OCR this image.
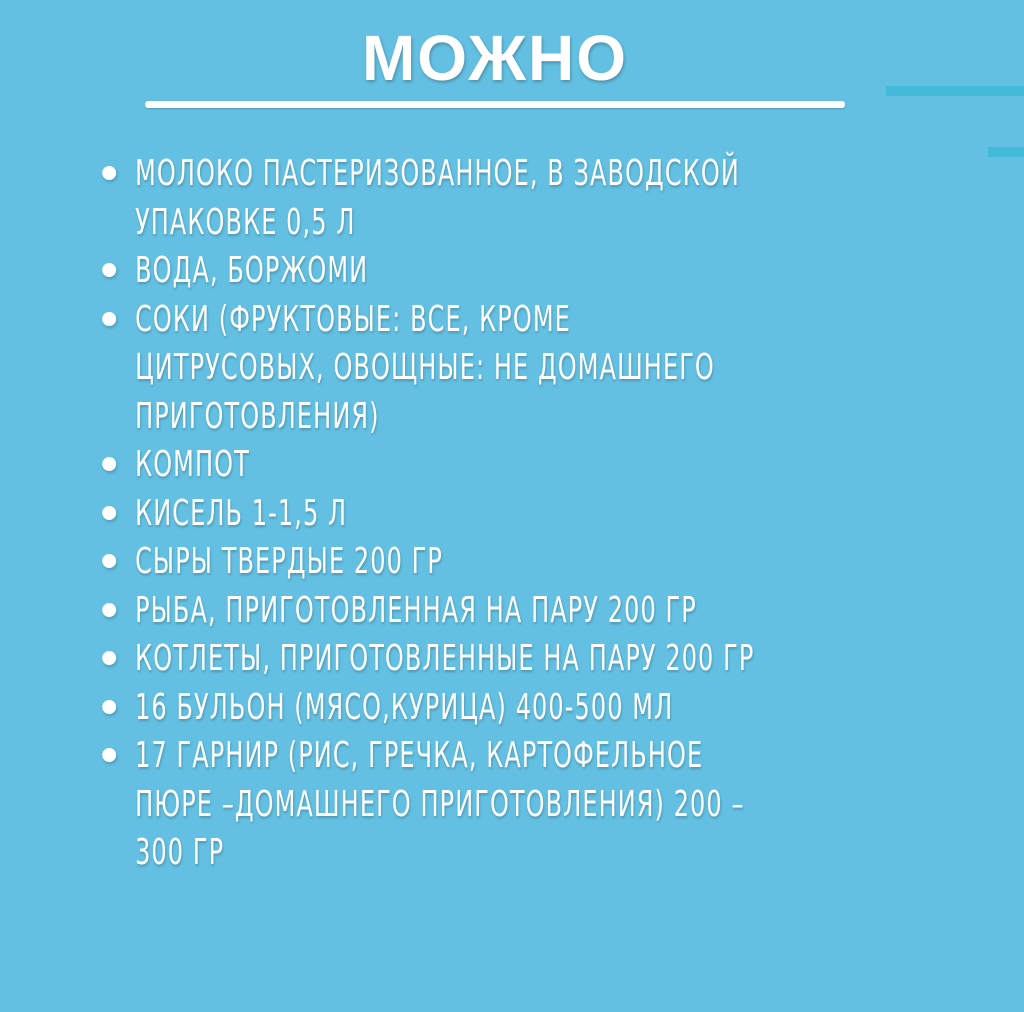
МОЖНО
МОЛОКО ПАСТЕРИЗОВАННОЕ, В ЗАВОДСКОЙ
УПАКОВКЕ 0,5 Л
ВОДА, БОРЖОМИ
СОКИ (ФРУКТОВЫЕ: ВСЕ, КРОМЕ
ЦИТРУСОВЫХ, ОВОЩНЫЕ: НЕ ДОМАШНЕГО
ПРИГОТОВЛЕНИЯ)
КОМПОТ
КИСЕЛЬ 1-1,5 Л
СЫРЫ ТВЕРДЫЕ 200 ГР
РЫБА, ПРИГОТОВЛЕННАЯ НА ПАРУ 200 ГР
КОТЛЕТЫ, ПРИГОТОВЛЕННЫЕ НА ПАРУ 200 ГР
16 БУЛЬОН (МЯСО,КУРИЦА) 400-500 МЛ
17 ГАРНИР (РИС, ГРЕЧКА, КАРТОФЕЛЬНОЕ
ПЮРЕ –ДОМАШНЕГО ПРИГОТОВЛЕНИЯ) 200 –
300 ГР
